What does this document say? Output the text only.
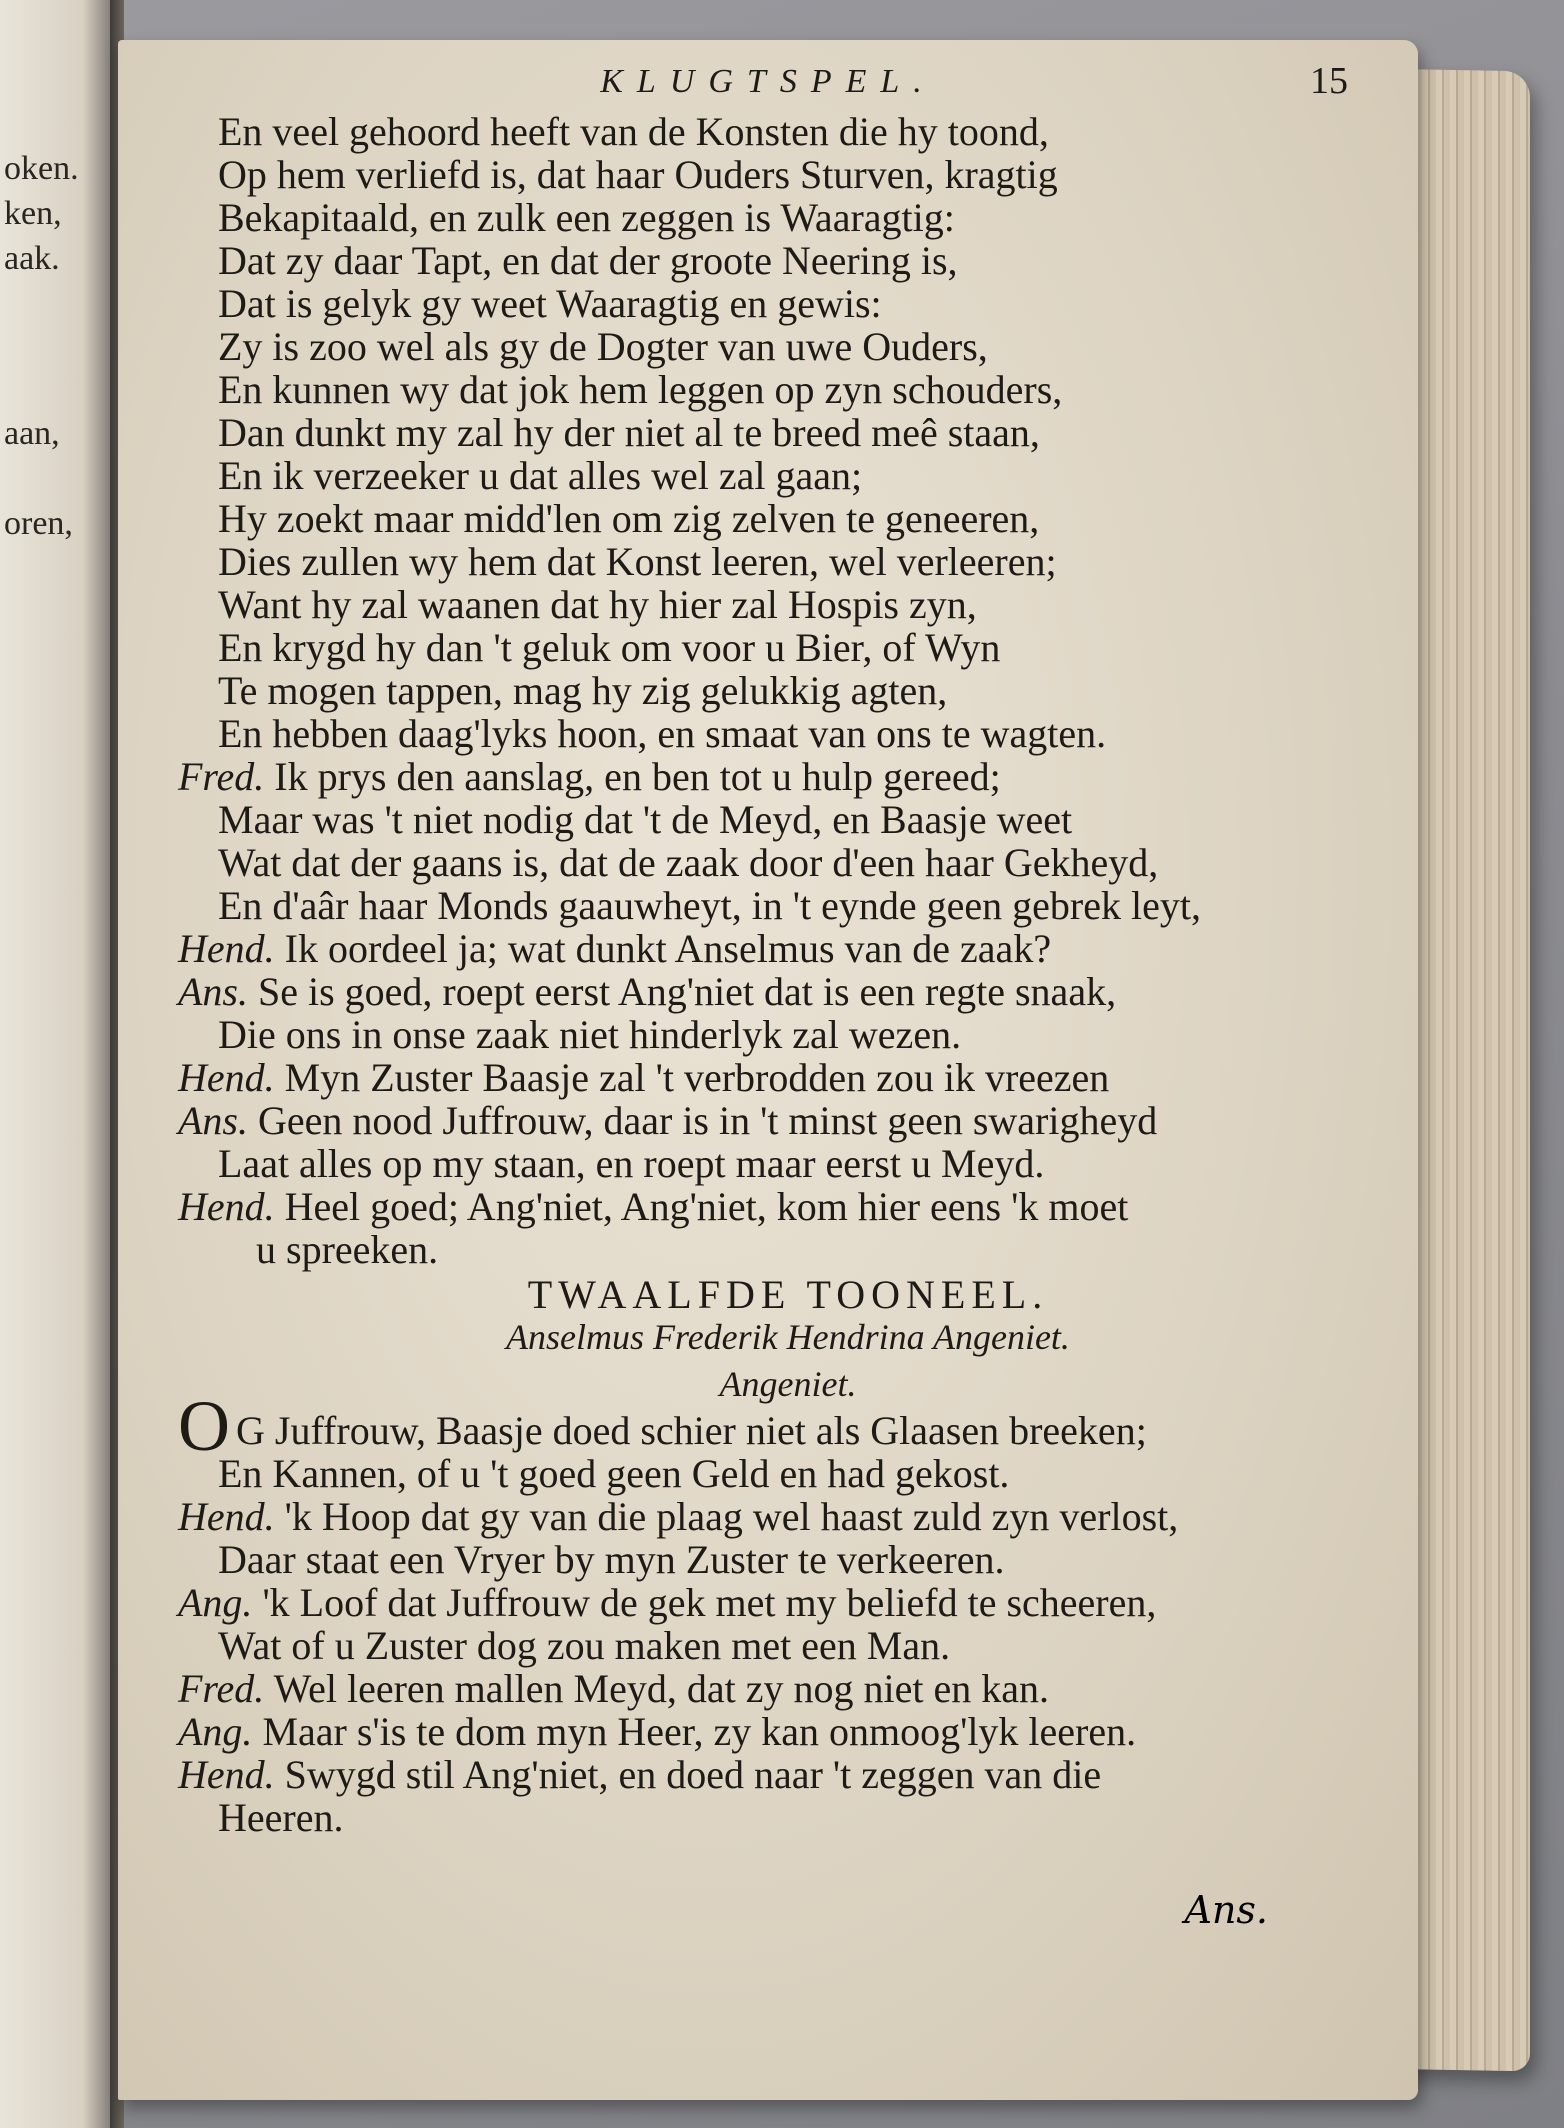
oken.
ken,
aak.
aan,
oren,
KLUGTSPEL.	15
En veel gehoord heeft van de Konsten die hy toond,
Op hem verliefd is, dat haar Ouders Sturven, kragtig
Bekapitaald, en zulk een zeggen is Waaragtig:
Dat zy daar Tapt, en dat der groote Neering is,
Dat is gelyk gy weet Waaragtig en gewis:
Zy is zoo wel als gy de Dogter van uwe Ouders,
En kunnen wy dat jok hem leggen op zyn schouders,
Dan dunkt my zal hy der niet al te breed meê staan,
En ik verzeeker u dat alles wel zal gaan;
Hy zoekt maar midd'len om zig zelven te geneeren,
Dies zullen wy hem dat Konst leeren, wel verleeren;
Want hy zal waanen dat hy hier zal Hospis zyn,
En krygd hy dan 't geluk om voor u Bier, of Wyn
Te mogen tappen, mag hy zig gelukkig agten,
En hebben daag'lyks hoon, en smaat van ons te wagten.
Fred. Ik prys den aanslag, en ben tot u hulp gereed;
Maar was 't niet nodig dat 't de Meyd, en Baasje weet
Wat dat der gaans is, dat de zaak door d'een haar Gekheyd,
En d'aâr haar Monds gaauwheyt, in 't eynde geen gebrek leyt,
Hend. Ik oordeel ja; wat dunkt Anselmus van de zaak?
Ans. Se is goed, roept eerst Ang'niet dat is een regte snaak,
Die ons in onse zaak niet hinderlyk zal wezen.
Hend. Myn Zuster Baasje zal 't verbrodden zou ik vreezen
Ans. Geen nood Juffrouw, daar is in 't minst geen swarigheyd
Laat alles op my staan, en roept maar eerst u Meyd.
Hend. Heel goed; Ang'niet, Ang'niet, kom hier eens 'k moet
u spreeken.
TWAALFDE TOONEEL.
Anselmus Frederik Hendrina Angeniet.
Angeniet.
O G Juffrouw, Baasje doed schier niet als Glaasen breeken;
En Kannen, of u 't goed geen Geld en had gekost.
Hend. 'k Hoop dat gy van die plaag wel haast zuld zyn verlost,
Daar staat een Vryer by myn Zuster te verkeeren.
Ang. 'k Loof dat Juffrouw de gek met my beliefd te scheeren,
Wat of u Zuster dog zou maken met een Man.
Fred. Wel leeren mallen Meyd, dat zy nog niet en kan.
Ang. Maar s'is te dom myn Heer, zy kan onmoog'lyk leeren.
Hend. Swygd stil Ang'niet, en doed naar 't zeggen van die
Heeren.
Ans.
